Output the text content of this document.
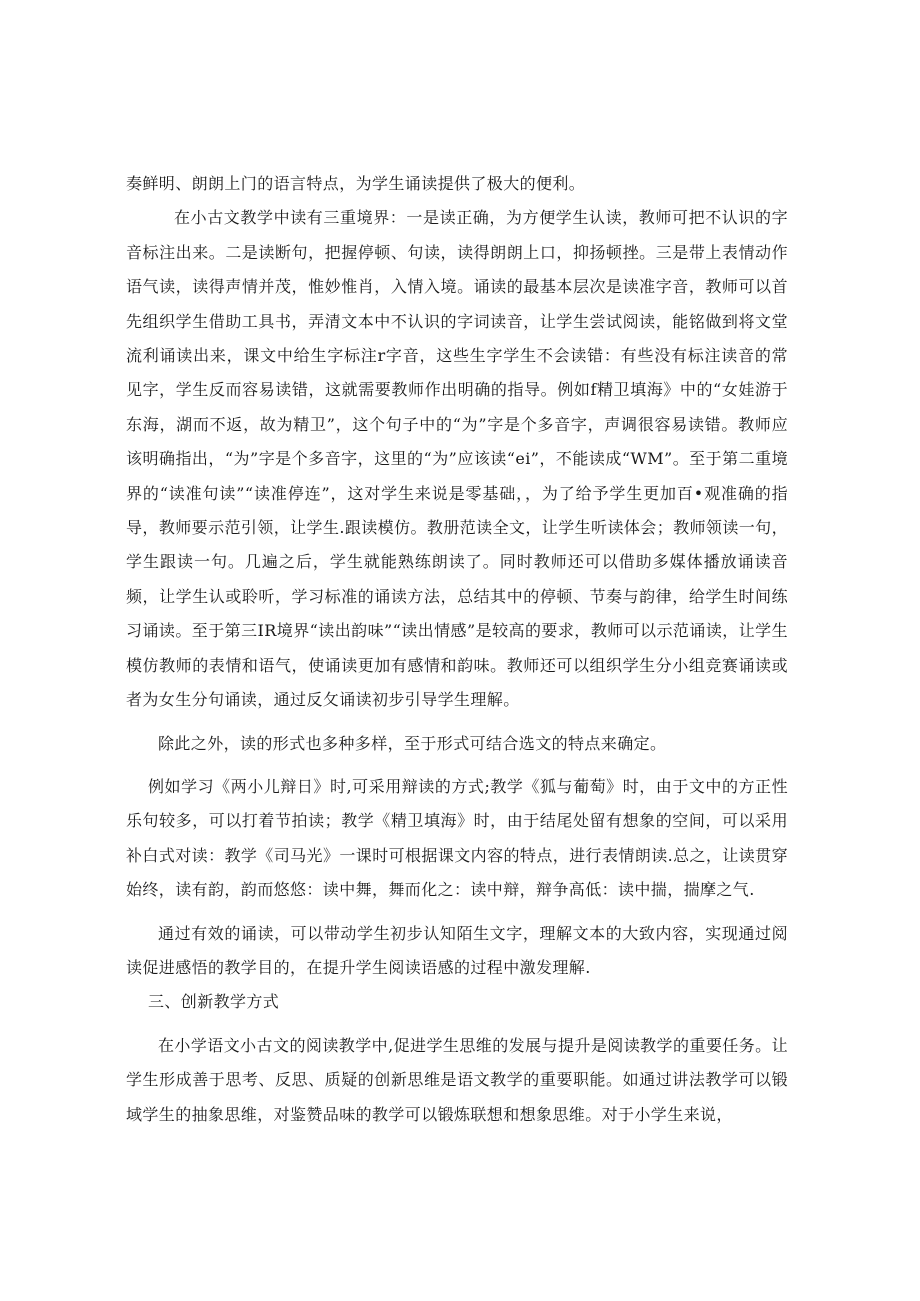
奏鲜明、朗朗上门的语言特点，为学生诵读提供了极大的便利。

在小古文教学中读有三重境界：一是读正确，为方便学生认读，教师可把不认识的字音标注出来。二是读断句，把握停顿、句读，读得朗朗上口，抑扬顿挫。三是带上表情动作语气读，读得声情并茂，惟妙惟肖，入情入境。诵读的最基本层次是读准字音，教师可以首先组织学生借助工具书，弄清文本中不认识的字词读音，让学生尝试阅读，能铭做到将文堂流利诵读出来，课文中给生字标注r字音，这些生字学生不会读错：有些没有标注读音的常见字，学生反而容易读错，这就需要教师作出明确的指导。例如f精卫填海》中的“女娃游于东海，湖而不返，故为精卫”，这个句子中的“为”字是个多音字，声调很容易读错。教师应该明确指出，“为”字是个多音字，这里的“为”应该读“ei”，不能读成“WM”。至于第二重境界的“读准句读”“读准停连”，这对学生来说是零基础，，为了给予学生更加百•观准确的指导，教师要示范引领，让学生.跟读模仿。教册范读全文，让学生听读体会；教师领读一句，学生跟读一句。几遍之后，学生就能熟练朗读了。同时教师还可以借助多媒体播放诵读音频，让学生认或聆听，学习标准的诵读方法，总结其中的停顿、节奏与韵律，给学生时间练习诵读。至于第三IR境界“读出韵味”“读出情感”是较高的要求，教师可以示范诵读，让学生模仿教师的表情和语气，使诵读更加有感情和韵味。教师还可以组织学生分小组竞赛诵读或者为女生分句诵读，通过反攵诵读初步引导学生理解。

除此之外，读的形式也多种多样，至于形式可结合选文的特点来确定。

例如学习《两小儿辩日》时,可采用辩读的方式;教学《狐与葡萄》时，由于文中的方正性乐句较多，可以打着节拍读；教学《精卫填海》时，由于结尾处留有想象的空间，可以采用补白式对读：教学《司马光》一课时可根据课文内容的特点，进行表情朗读.总之，让读贯穿始终，读有韵，韵而悠悠：读中舞，舞而化之：读中辩，辩争高低：读中揣，揣摩之气.

通过有效的诵读，可以带动学生初步认知陌生文字，理解文本的大致内容，实现通过阅读促进感悟的教学目的，在提升学生阅读语感的过程中激发理解.

三、创新教学方式

在小学语文小古文的阅读教学中,促进学生思维的发展与提升是阅读教学的重要任务。让学生形成善于思考、反思、质疑的创新思维是语文教学的重要职能。如通过讲法教学可以锻域学生的抽象思维，对鉴赞品味的教学可以锻炼联想和想象思维。对于小学生来说，
